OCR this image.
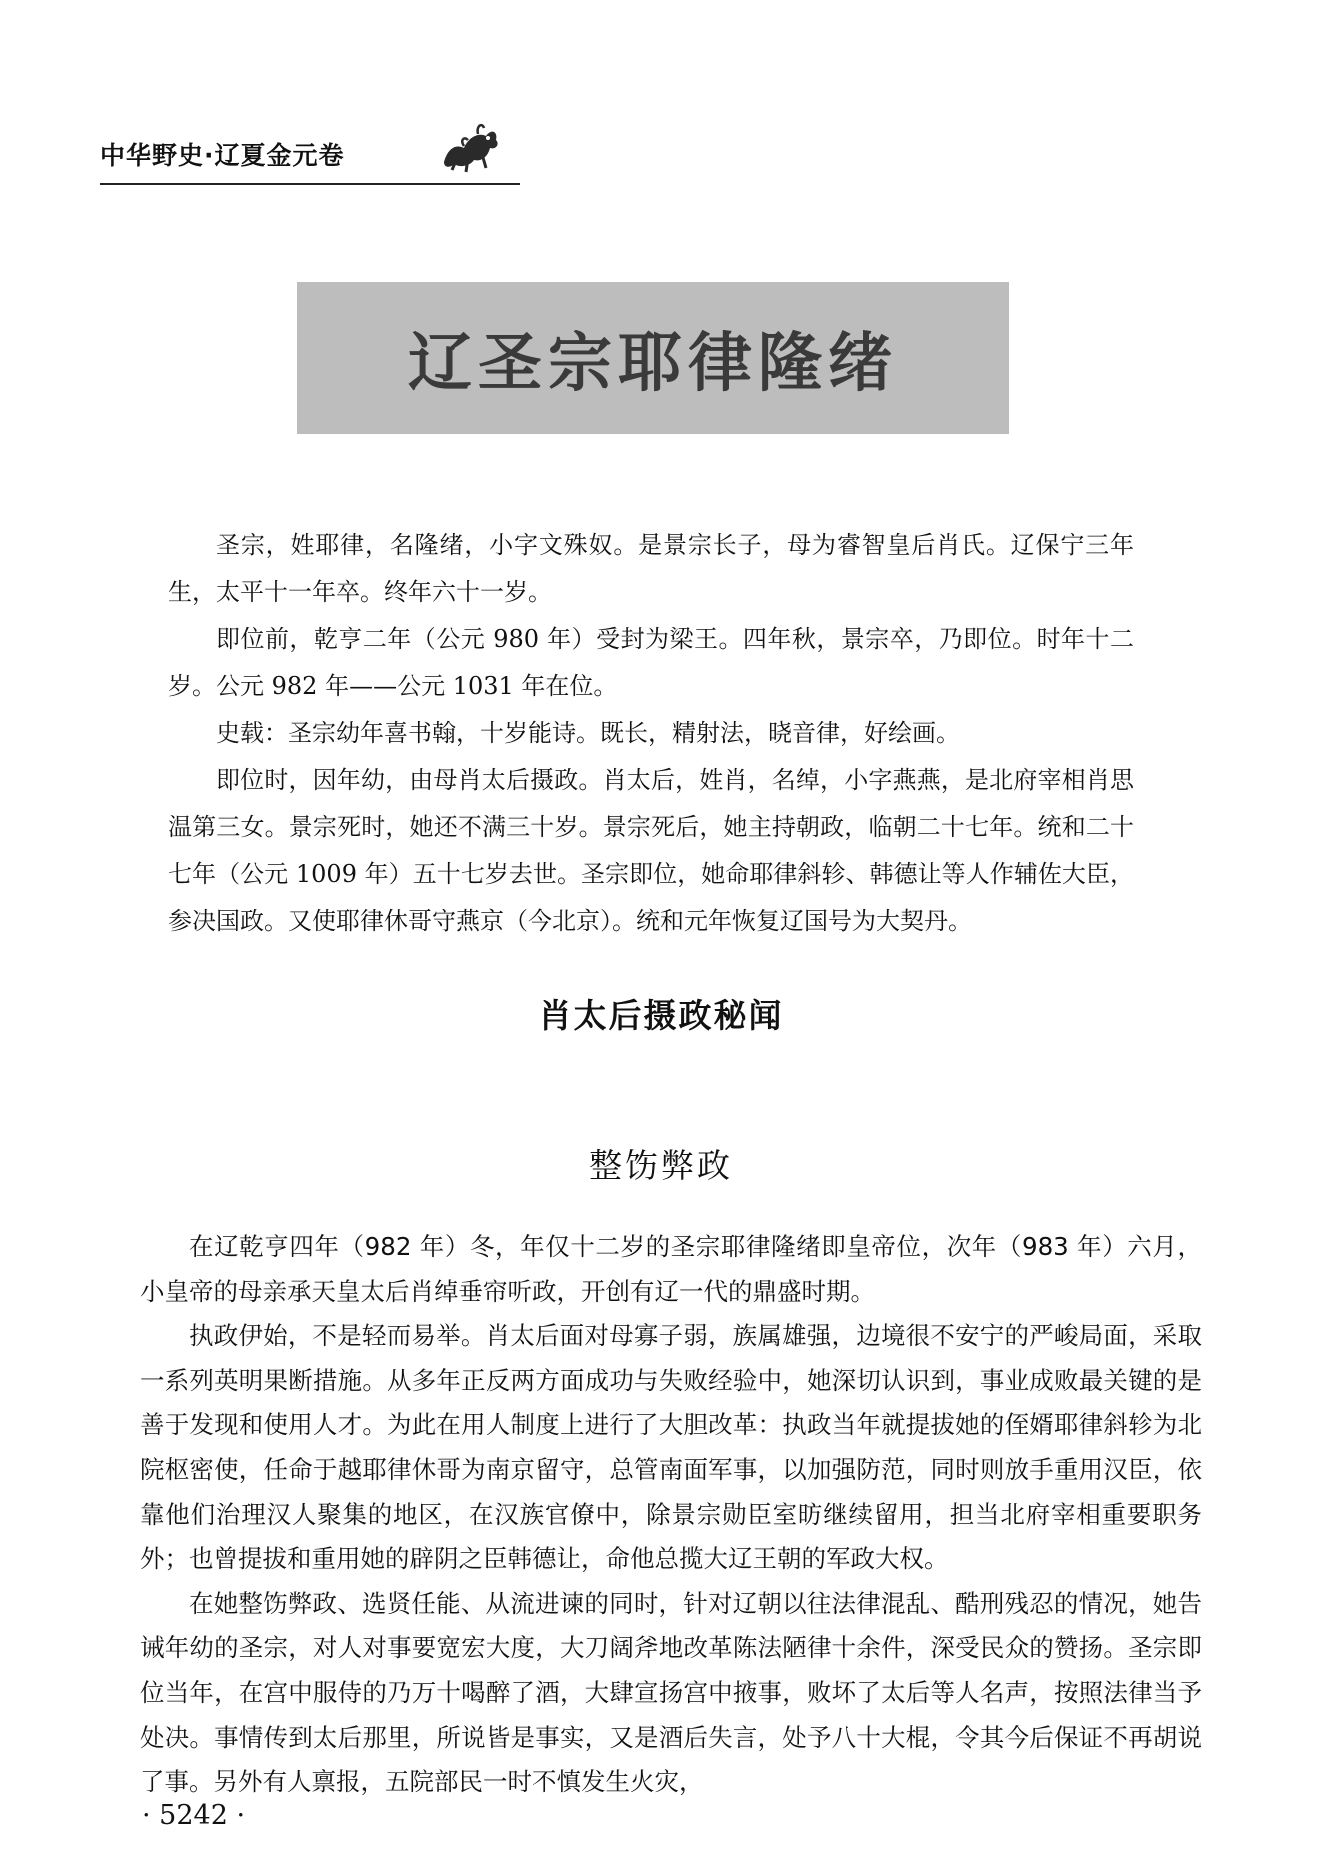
中华野史·辽夏金元卷
辽圣宗耶律隆绪

圣宗，姓耶律，名隆绪，小字文殊奴。是景宗长子，母为睿智皇后肖氏。辽保宁三年生，太平十一年卒。终年六十一岁。

即位前，乾亨二年（公元 980 年）受封为梁王。四年秋，景宗卒，乃即位。时年十二岁。公元 982 年——公元 1031 年在位。

史载：圣宗幼年喜书翰，十岁能诗。既长，精射法，晓音律，好绘画。

即位时，因年幼，由母肖太后摄政。肖太后，姓肖，名绰，小字燕燕，是北府宰相肖思温第三女。景宗死时，她还不满三十岁。景宗死后，她主持朝政，临朝二十七年。统和二十七年（公元 1009 年）五十七岁去世。圣宗即位，她命耶律斜轸、韩德让等人作辅佐大臣，参决国政。又使耶律休哥守燕京（今北京）。统和元年恢复辽国号为大契丹。

肖太后摄政秘闻
整饬弊政

在辽乾亨四年（982 年）冬，年仅十二岁的圣宗耶律隆绪即皇帝位，次年（983 年）六月，小皇帝的母亲承天皇太后肖绰垂帘听政，开创有辽一代的鼎盛时期。

执政伊始，不是轻而易举。肖太后面对母寡子弱，族属雄强，边境很不安宁的严峻局面，采取一系列英明果断措施。从多年正反两方面成功与失败经验中，她深切认识到，事业成败最关键的是善于发现和使用人才。为此在用人制度上进行了大胆改革：执政当年就提拔她的侄婿耶律斜轸为北院枢密使，任命于越耶律休哥为南京留守，总管南面军事，以加强防范，同时则放手重用汉臣，依靠他们治理汉人聚集的地区，在汉族官僚中，除景宗勋臣室昉继续留用，担当北府宰相重要职务外；也曾提拔和重用她的辟阴之臣韩德让，命他总揽大辽王朝的军政大权。

在她整饬弊政、选贤任能、从流进谏的同时，针对辽朝以往法律混乱、酷刑残忍的情况，她告诫年幼的圣宗，对人对事要宽宏大度，大刀阔斧地改革陈法陋律十余件，深受民众的赞扬。圣宗即位当年，在宫中服侍的乃万十喝醉了酒，大肆宣扬宫中掖事，败坏了太后等人名声，按照法律当予处决。事情传到太后那里，所说皆是事实，又是酒后失言，处予八十大棍，令其今后保证不再胡说了事。另外有人禀报，五院部民一时不慎发生火灾，

· 5242 ·
